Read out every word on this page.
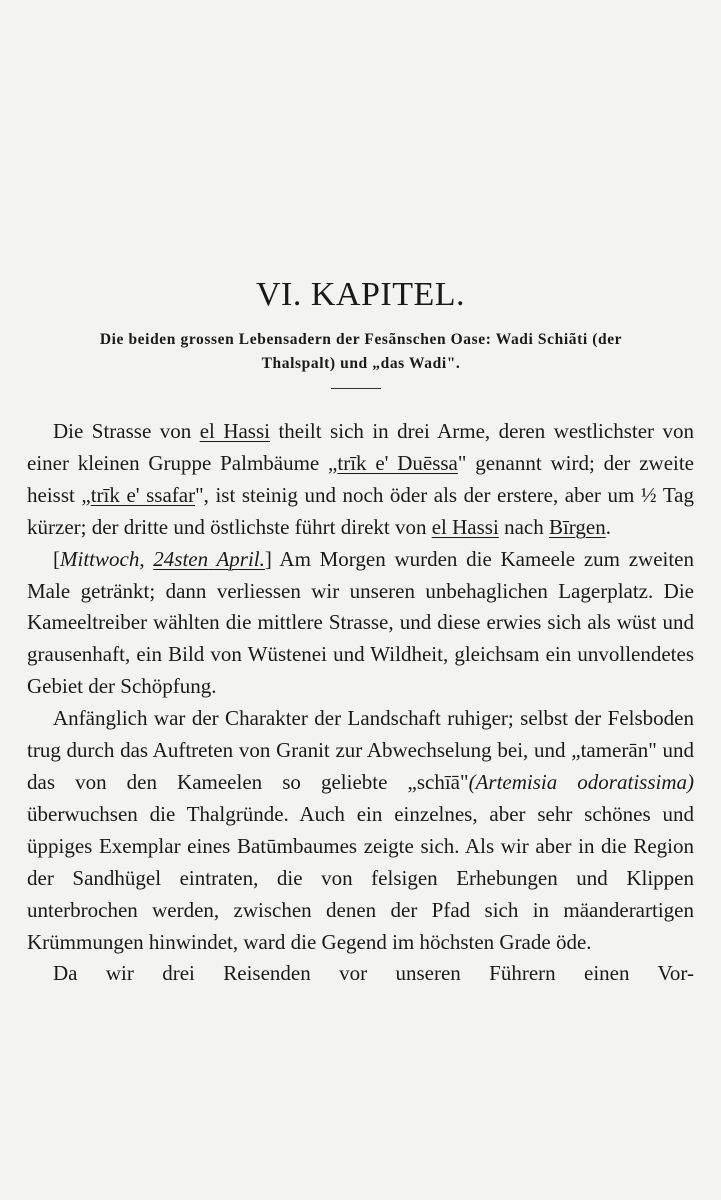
VI. KAPITEL.
Die beiden grossen Lebensadern der Fesãnschen Oase: Wadi Schiãti (der
Thalspalt) und „das Wadi".

Die Strasse von el Hassi theilt sich in drei Arme, deren westlichster von einer kleinen Gruppe Palmbäume „trīk e' Duēssa" genannt wird; der zweite heisst „trīk e' ssafar", ist steinig und noch öder als der erstere, aber um ½ Tag kürzer; der dritte und östlichste führt direkt von el Hassi nach Bīrgen.

[Mittwoch, 24sten April.] Am Morgen wurden die Kameele zum zweiten Male getränkt; dann verliessen wir unseren unbehaglichen Lagerplatz. Die Kameeltreiber wählten die mittlere Strasse, und diese erwies sich als wüst und grausenhaft, ein Bild von Wüstenei und Wildheit, gleichsam ein unvollendetes Gebiet der Schöpfung.

Anfänglich war der Charakter der Landschaft ruhiger; selbst der Felsboden trug durch das Auftreten von Granit zur Abwechselung bei, und „tamerān" und das von den Kameelen so geliebte „schīā"(Artemisia odoratissima) überwuchsen die Thalgründe. Auch ein einzelnes, aber sehr schönes und üppiges Exemplar eines Batūmbaumes zeigte sich. Als wir aber in die Region der Sandhügel eintraten, die von felsigen Erhebungen und Klippen unterbrochen werden, zwischen denen der Pfad sich in mäanderartigen Krümmungen hinwindet, ward die Gegend im höchsten Grade öde.

Da wir drei Reisenden vor unseren Führern einen Vor-
